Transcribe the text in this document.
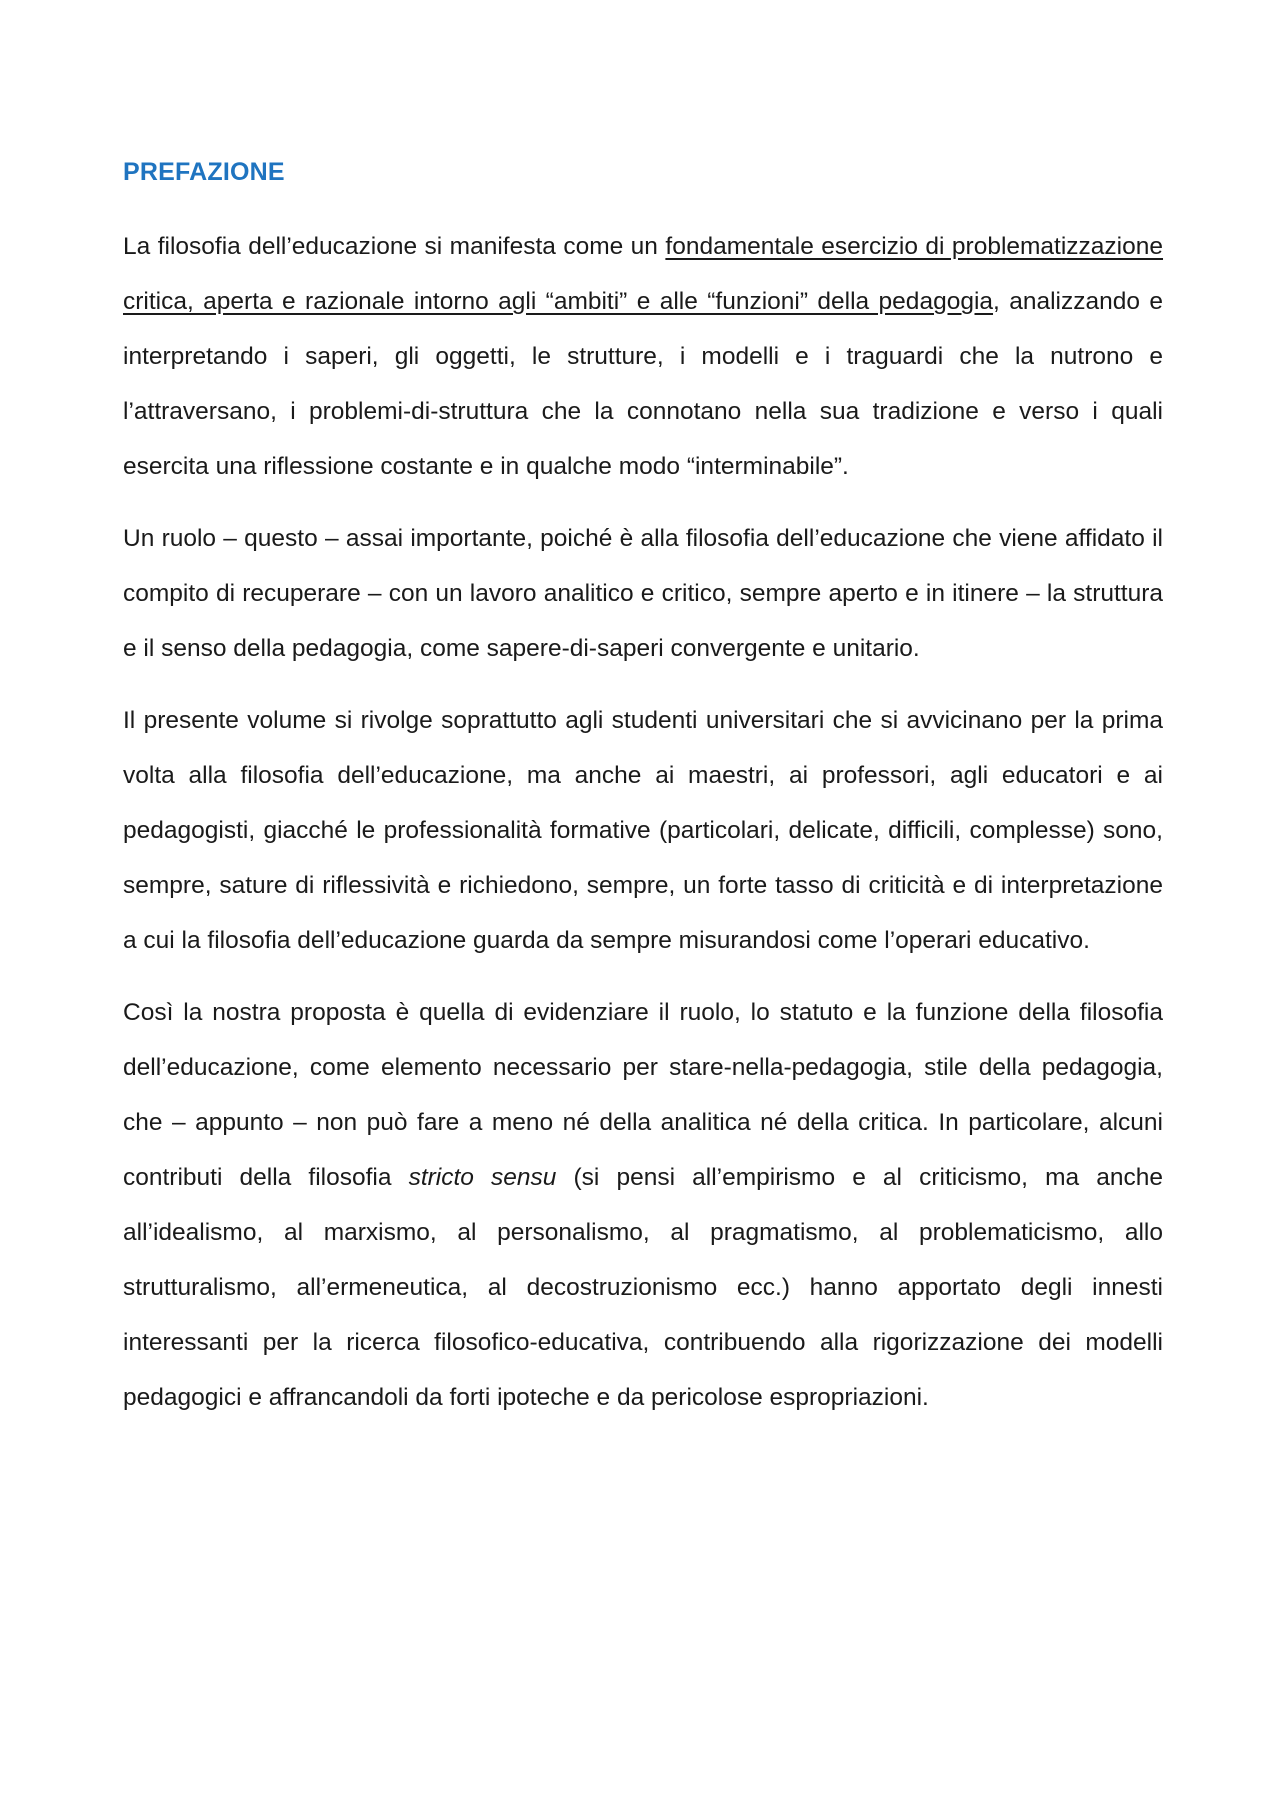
PREFAZIONE

La filosofia dell’educazione si manifesta come un fondamentale esercizio di problematizzazione critica, aperta e razionale intorno agli “ambiti” e alle “funzioni” della pedagogia, analizzando e interpretando i saperi, gli oggetti, le strutture, i modelli e i traguardi che la nutrono e l’attraversano, i problemi-di-struttura che la connotano nella sua tradizione e verso i quali esercita una riflessione costante e in qualche modo “interminabile”.

Un ruolo – questo – assai importante, poiché è alla filosofia dell’educazione che viene affidato il compito di recuperare – con un lavoro analitico e critico, sempre aperto e in itinere – la struttura e il senso della pedagogia, come sapere-di-saperi convergente e unitario.

Il presente volume si rivolge soprattutto agli studenti universitari che si avvicinano per la prima volta alla filosofia dell’educazione, ma anche ai maestri, ai professori, agli educatori e ai pedagogisti, giacché le professionalità formative (particolari, delicate, difficili, complesse) sono, sempre, sature di riflessività e richiedono, sempre, un forte tasso di criticità e di interpretazione a cui la filosofia dell’educazione guarda da sempre misurandosi come l’operari educativo.

Così la nostra proposta è quella di evidenziare il ruolo, lo statuto e la funzione della filosofia dell’educazione, come elemento necessario per stare-nella-pedagogia, stile della pedagogia, che – appunto – non può fare a meno né della analitica né della critica. In particolare, alcuni contributi della filosofia stricto sensu (si pensi all’empirismo e al criticismo, ma anche all’idealismo, al marxismo, al personalismo, al pragmatismo, al problematicismo, allo strutturalismo, all’ermeneutica, al decostruzionismo ecc.) hanno apportato degli innesti interessanti per la ricerca filosofico-educativa, contribuendo alla rigorizzazione dei modelli pedagogici e affrancandoli da forti ipoteche e da pericolose espropriazioni.
